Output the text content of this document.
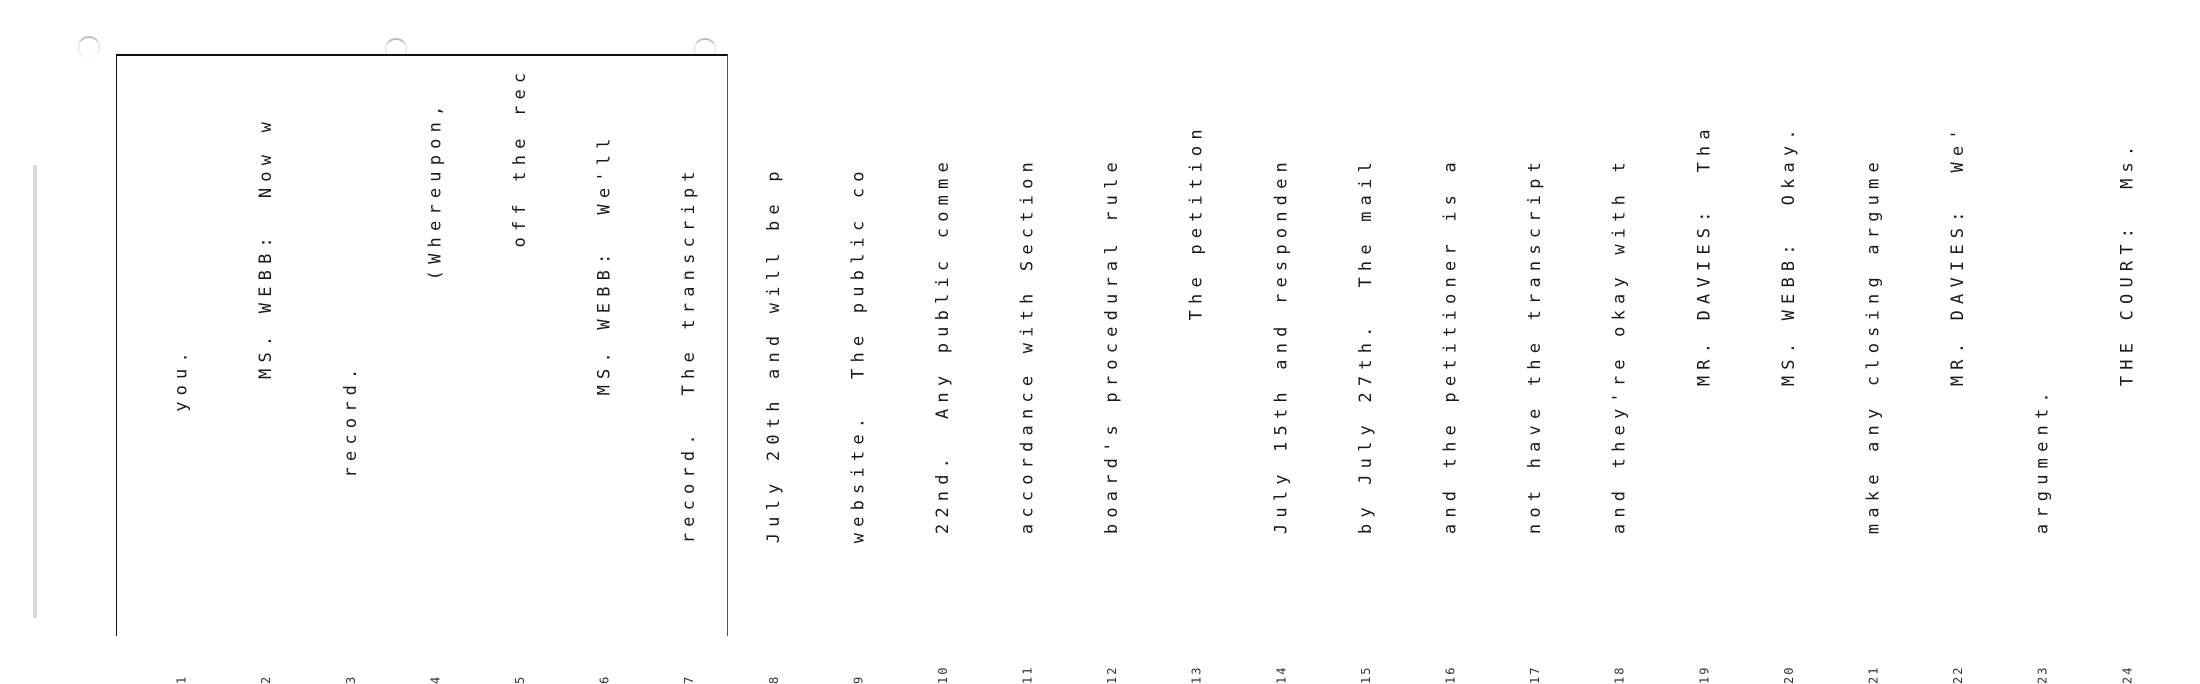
1                you.

2                  MS. WEBB:  Now w

3            record.

4                        (Whereupon,

5                          off the rec

6                 MS. WEBB:  We'll

7        record.  The transcript

8        July 20th and will be p

9        website.  The public co

10        22nd.  Any public comme

11        accordance with Section

12        board's procedural rule

13                     The petition

14        July 15th and responden

15        by July 27th.  The mail

16        and the petitioner is a

17        not have the transcript

18        and they're okay with t

19                 MR. DAVIES:  Tha

20                 MS. WEBB:  Okay.

21        make any closing argume

22                 MR. DAVIES:  We'

23        argument.

24                 THE COURT:  Ms.
